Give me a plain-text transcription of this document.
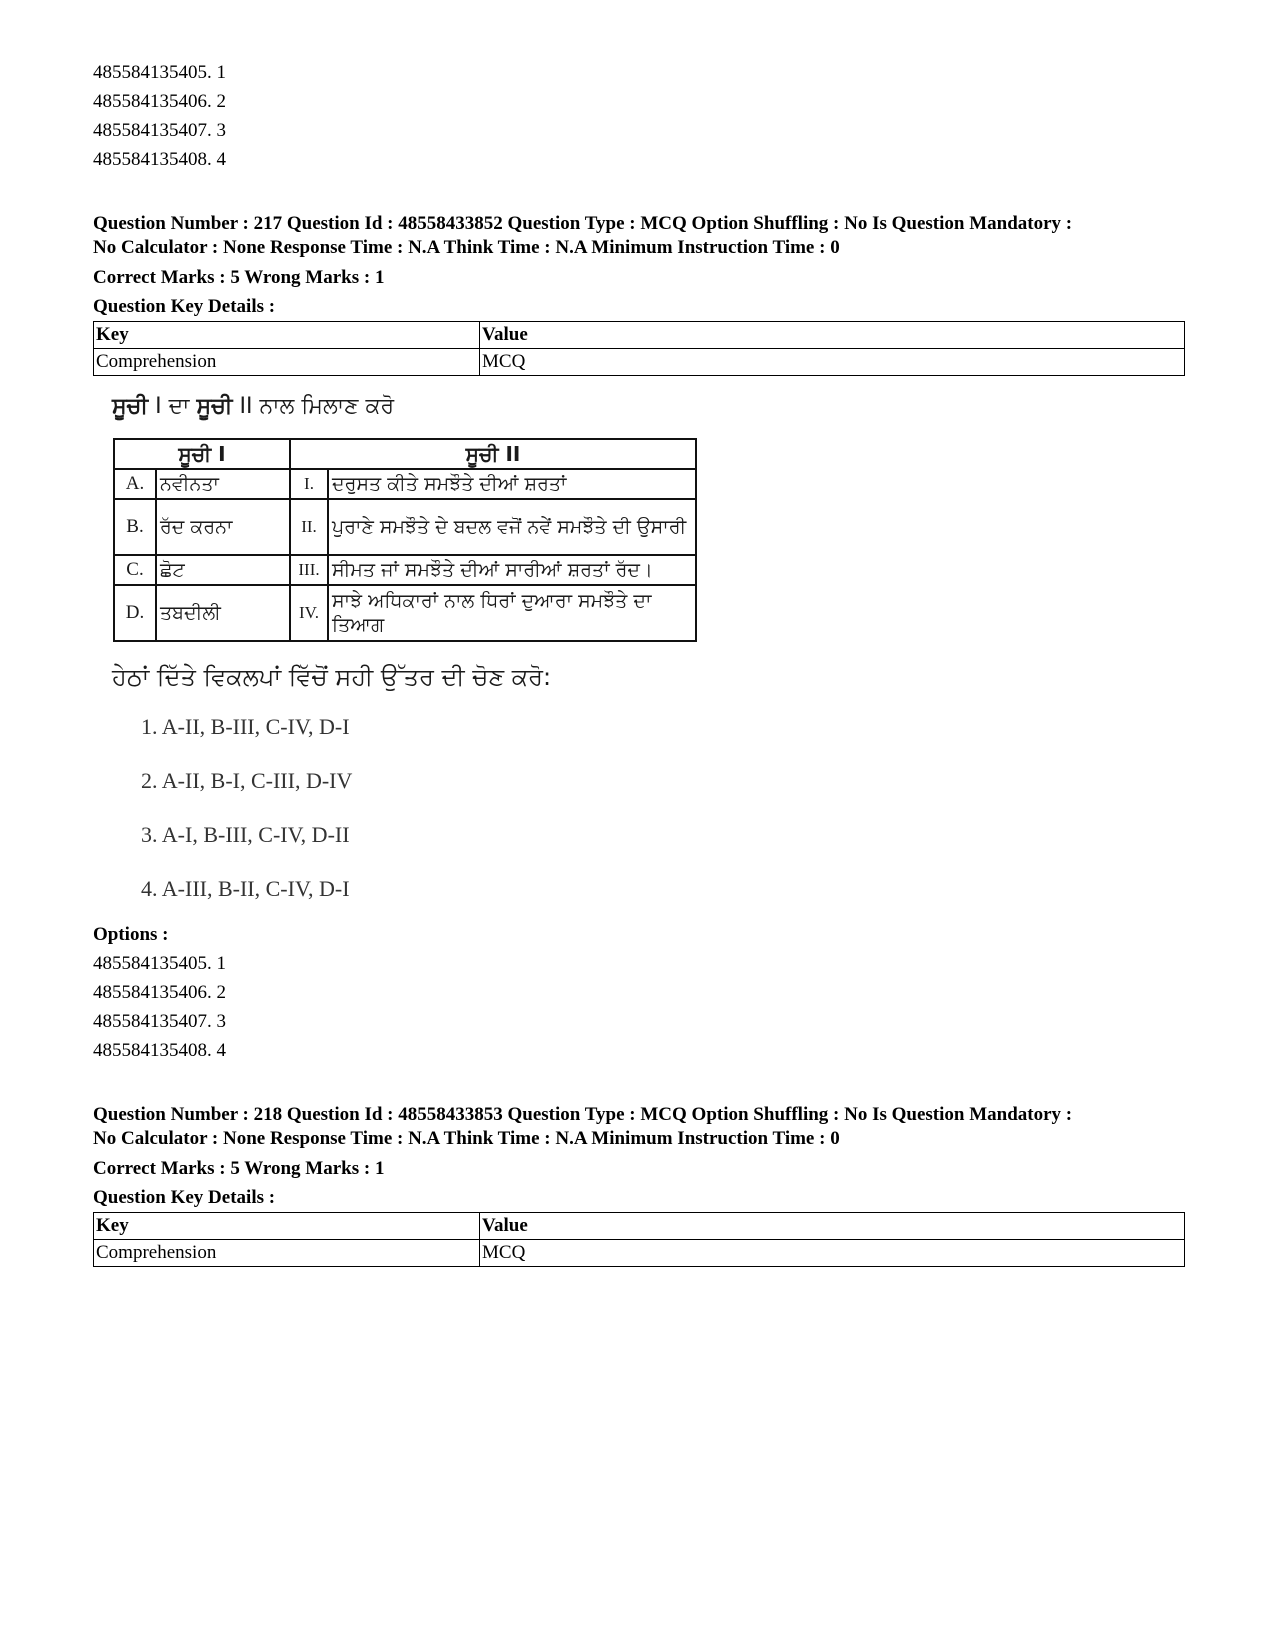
485584135405. 1
485584135406. 2
485584135407. 3
485584135408. 4
Question Number : 217 Question Id : 48558433852 Question Type : MCQ Option Shuffling : No Is Question Mandatory :
No Calculator : None Response Time : N.A Think Time : N.A Minimum Instruction Time : 0
Correct Marks : 5 Wrong Marks : 1
Question Key Details :
Key	Value
Comprehension	MCQ
ਸੂਚੀ I ਦਾ ਸੂਚੀ II ਨਾਲ ਮਿਲਾਣ ਕਰੋ
ਸੂਚੀ I		ਸੂਚੀ II	
A.	ਨਵੀਨਤਾ	I.	ਦਰੁਸਤ ਕੀਤੇ ਸਮਝੌਤੇ ਦੀਆਂ ਸ਼ਰਤਾਂ
B.	ਰੱਦ ਕਰਨਾ	II.	ਪੁਰਾਣੇ ਸਮਝੌਤੇ ਦੇ ਬਦਲ ਵਜੋਂ ਨਵੇਂ ਸਮਝੌਤੇ ਦੀ ਉਸਾਰੀ
C.	ਛੋਟ	III.	ਸੀਮਤ ਜਾਂ ਸਮਝੌਤੇ ਦੀਆਂ ਸਾਰੀਆਂ ਸ਼ਰਤਾਂ ਰੱਦ।
D.	ਤਬਦੀਲੀ	IV.	ਸਾਝੇ ਅਧਿਕਾਰਾਂ ਨਾਲ ਧਿਰਾਂ ਦੁਆਰਾ ਸਮਝੌਤੇ ਦਾ ਤਿਆਗ
ਹੇਠਾਂ ਦਿੱਤੇ ਵਿਕਲਪਾਂ ਵਿੱਚੋਂ ਸਹੀ ਉੱਤਰ ਦੀ ਚੋਣ ਕਰੋ:
1. A-II, B-III, C-IV, D-I
2. A-II, B-I, C-III, D-IV
3. A-I, B-III, C-IV, D-II
4. A-III, B-II, C-IV, D-I
Options :
485584135405. 1
485584135406. 2
485584135407. 3
485584135408. 4
Question Number : 218 Question Id : 48558433853 Question Type : MCQ Option Shuffling : No Is Question Mandatory :
No Calculator : None Response Time : N.A Think Time : N.A Minimum Instruction Time : 0
Correct Marks : 5 Wrong Marks : 1
Question Key Details :
Key	Value
Comprehension	MCQ
